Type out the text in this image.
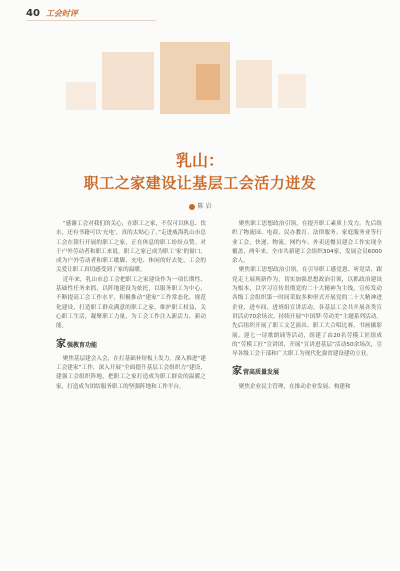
40 工会时评
乳山：
职工之家建设让基层工会活力迸发
陈 岩

“感谢工会对我们的关心，在职工之家，不仅可以休息、饮水，还有书籍可以‘充电’，真的太贴心了。”走进威海乳山市总工会在银行开展的职工之家，正在休息的职工纷纷点赞。对于户外劳动者和职工来说，职工之家已成为职工‘家’的窗口，成为户外劳动者和职工歇脚、充电、休闲的好去处，工会的关爱让职工真切感受到了家的温暖。

近年来，乳山市总工会把职工之家建设作为一项长期性、基础性任务来抓，以阵地建设为依托，以服务职工为中心，不断提高工会工作水平，积极推动“建家”工作常态化、规范化建设，打造职工群众满意的职工之家，维护职工权益，关心职工生活，凝聚职工力量，为工会工作注入新活力、新动能。

家 强教育功能

聚焦基层建会入会，在打基础补短板上发力。深入推进“建工会建家”工作，深入开展“全面提升基层工会组织力”建设，建强工会组织阵地，把职工之家打造成为职工群众的温暖之家，打造成为团结服务职工的坚强阵地和工作平台。

聚焦职工思想政治引领，在提升职工素质上发力。先后组织了物流园、电商、民办教育、法律服务、家庭服务业等行业工会，快递、物流、网约车、外卖送餐员建会工作实现全覆盖，两年来，全市共新建工会组织304家，发展会员6000余人。

聚焦职工思想政治引领，在引导职工感党恩、听党话、跟党走上展现新作为。切实加强思想政治引领，以抓政治建设为根本，以学习宣传贯彻党的二十大精神为主线，宣传发动各级工会组织第一时间采取多种形式开展党的二十大精神进企业、进车间、进班组宣讲活动，各基层工会共开展各类宣讲活动70余场次。持续开展“中国梦·劳动美”主题系列活动。先后组织开展了职工文艺演出、职工大合唱比赛、书画摄影展、迎七一诗歌朗诵等活动，组建了由20名劳模工匠组成的“劳模工匠”宣讲团，开展“宣讲进基层”活动50余场次，引导各级工会干部和广大职工为现代化强省建设建功立业。

家 营高质量发展

聚焦企业民主管理，在推动企业发展、构建和
